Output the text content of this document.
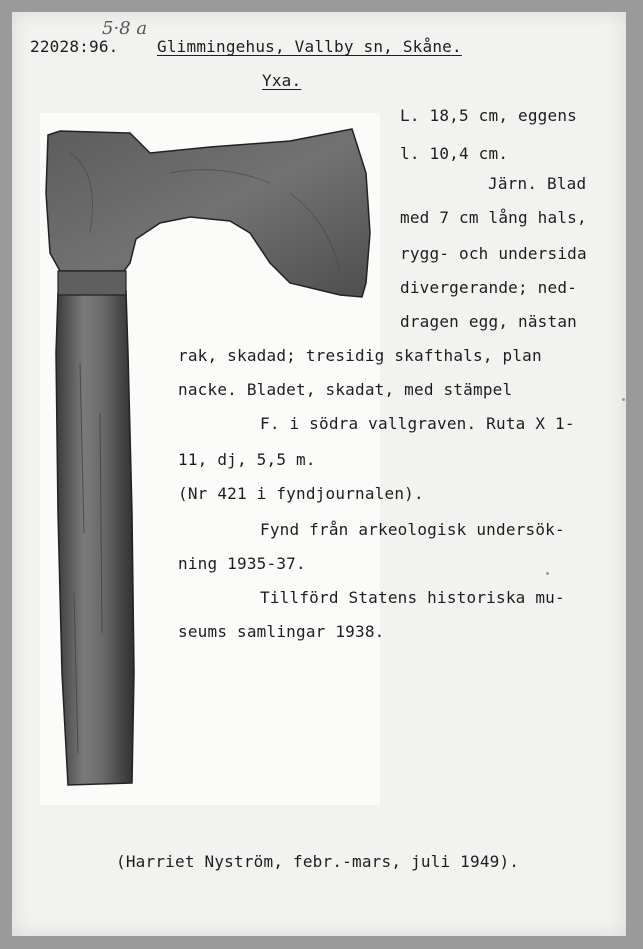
5·8 a
22028:96. Glimmingehus, Vallby sn, Skåne.
Yxa.
L. 18,5 cm, eggens
l. 10,4 cm.
Järn. Blad
med 7 cm lång hals,
rygg- och undersida
divergerande; ned-
dragen egg, nästan
rak, skadad; tresidig skafthals, plan
nacke. Bladet, skadat, med stämpel
F. i södra vallgraven. Ruta X 1-
11, dj, 5,5 m.
(Nr 421 i fyndjournalen).
Fynd från arkeologisk undersök-
ning 1935-37.
Tillförd Statens historiska mu-
seums samlingar 1938.
(Harriet Nyström, febr.-mars, juli 1949).
